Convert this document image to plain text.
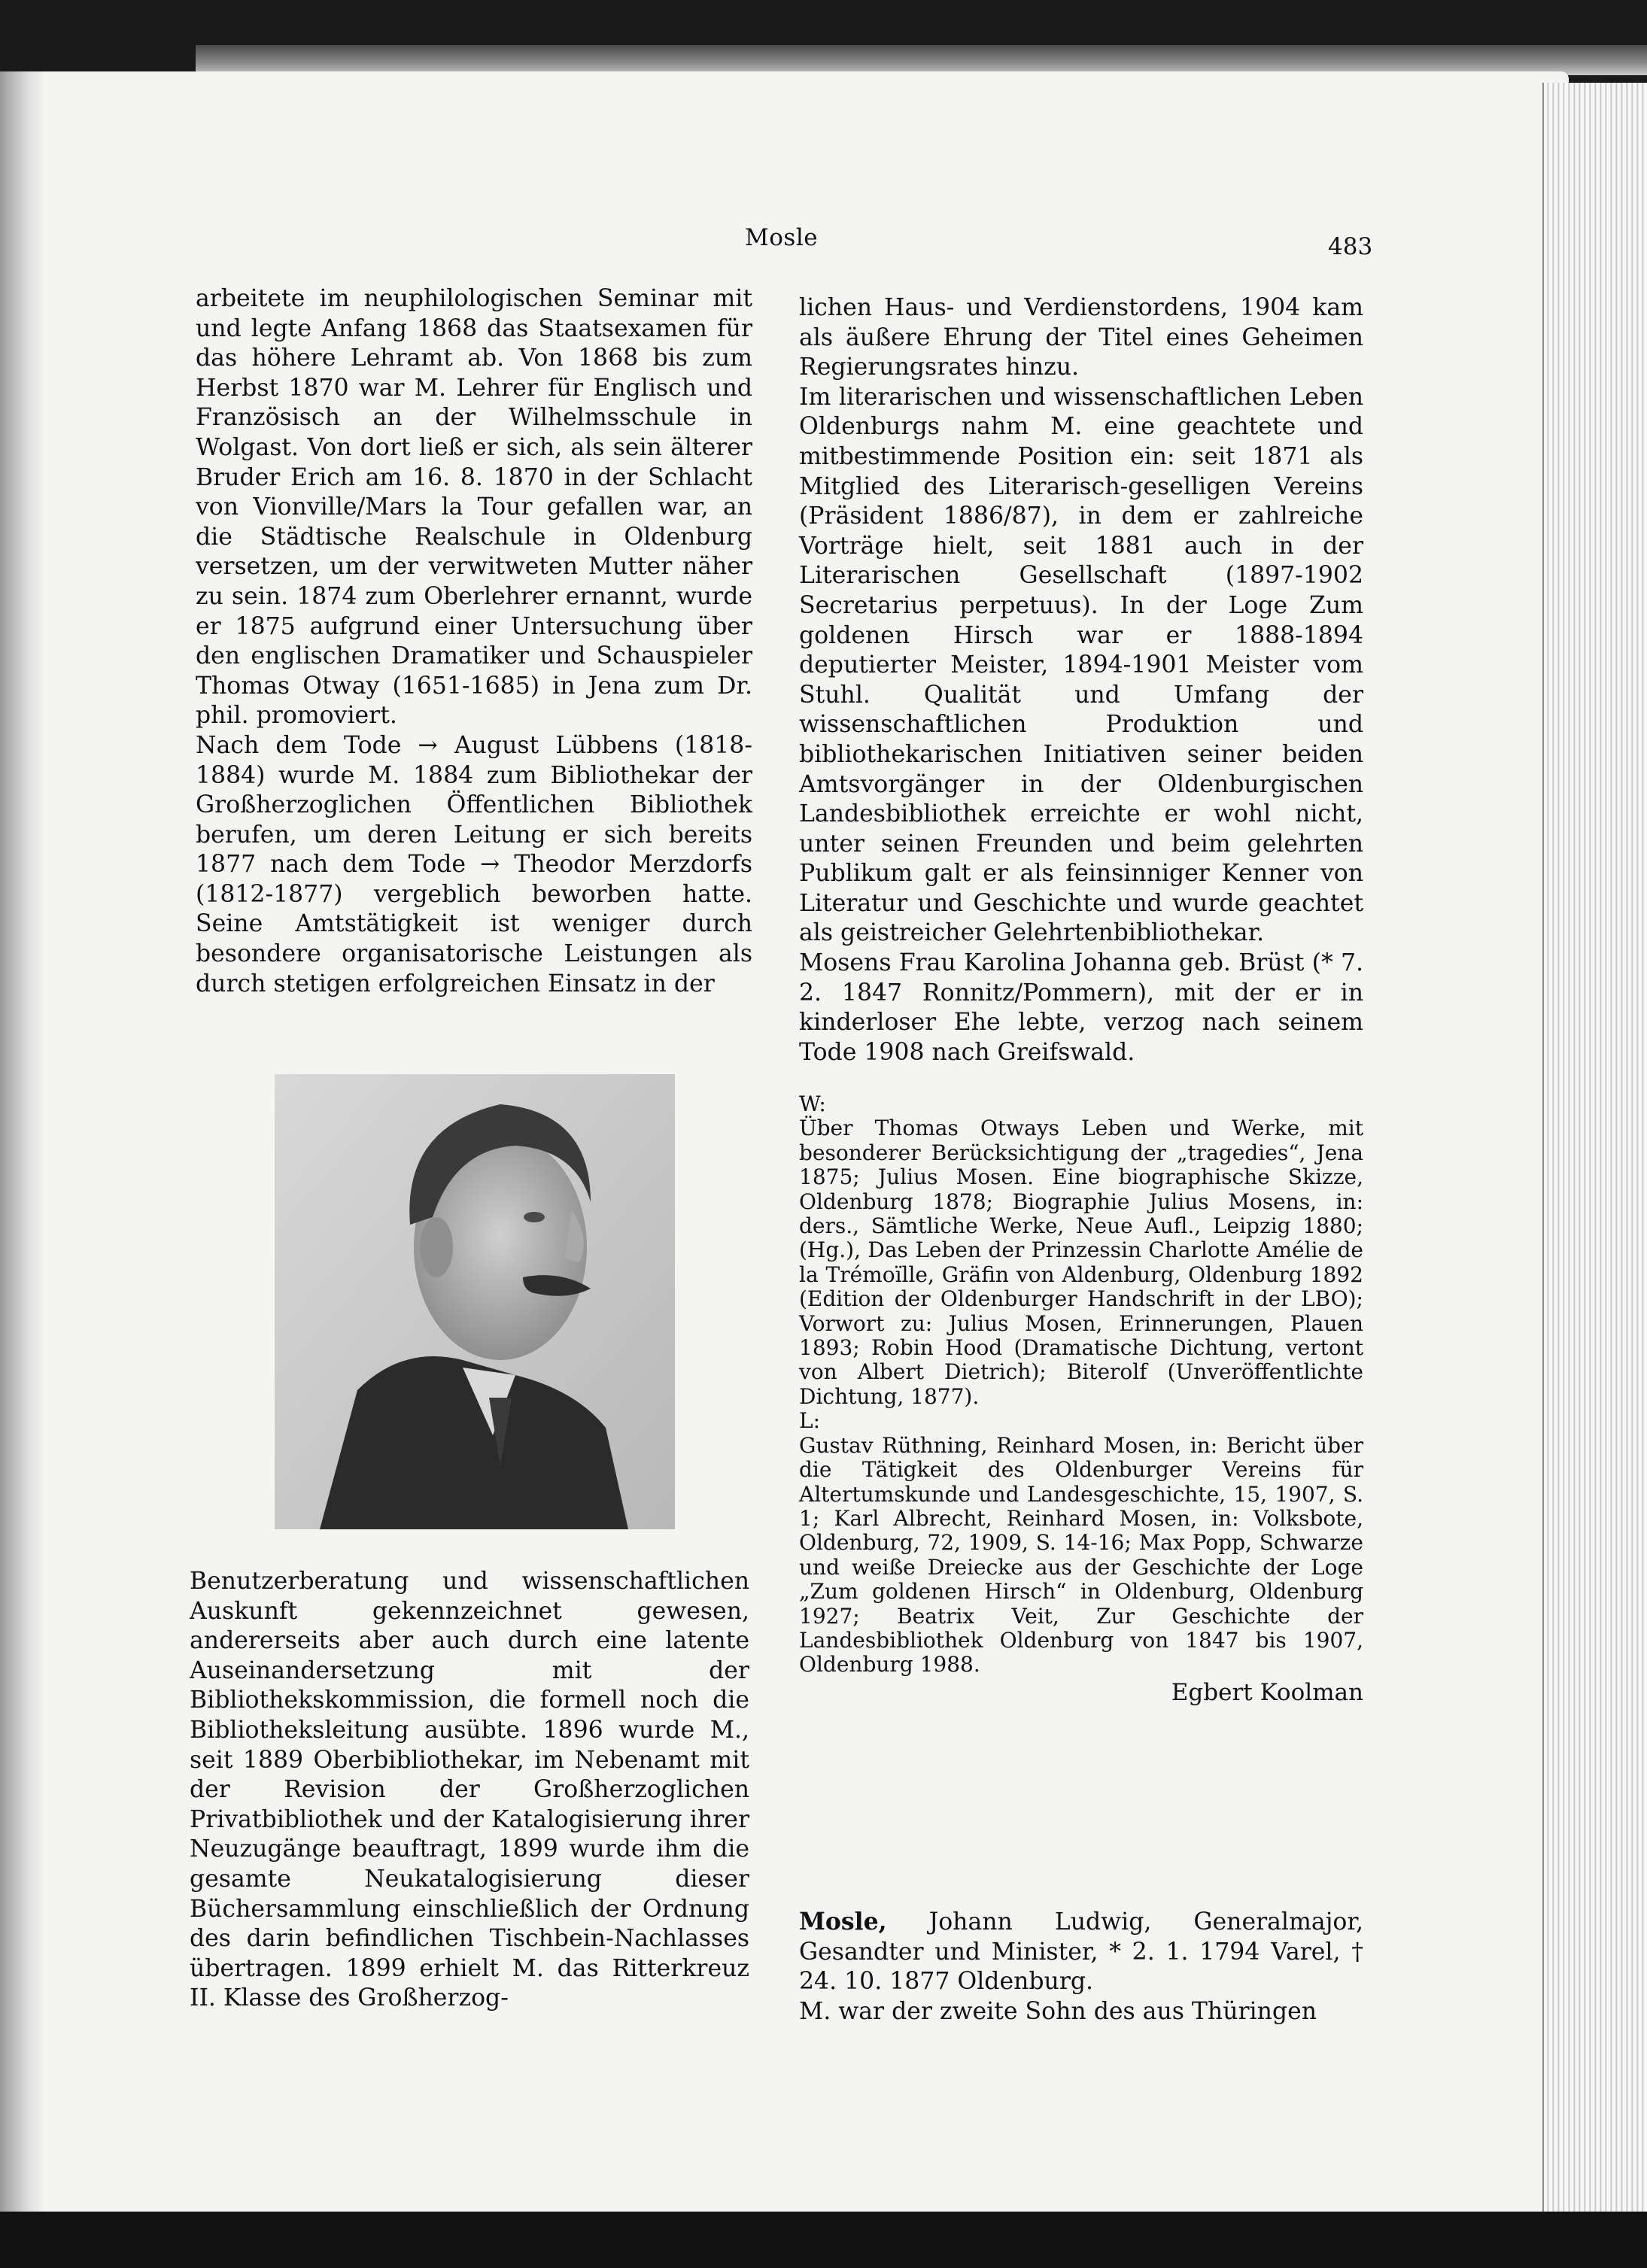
Mosle	483

arbeitete im neuphilologischen Seminar mit und legte Anfang 1868 das Staatsexamen für das höhere Lehramt ab. Von 1868 bis zum Herbst 1870 war M. Lehrer für Englisch und Französisch an der Wilhelmsschule in Wolgast. Von dort ließ er sich, als sein älterer Bruder Erich am 16. 8. 1870 in der Schlacht von Vionville/Mars la Tour gefallen war, an die Städtische Realschule in Oldenburg versetzen, um der verwitweten Mutter näher zu sein. 1874 zum Oberlehrer ernannt, wurde er 1875 aufgrund einer Untersuchung über den englischen Dramatiker und Schauspieler Thomas Otway (1651-1685) in Jena zum Dr. phil. promoviert.

Nach dem Tode → August Lübbens (1818-1884) wurde M. 1884 zum Bibliothekar der Großherzoglichen Öffentlichen Bibliothek berufen, um deren Leitung er sich bereits 1877 nach dem Tode → Theodor Merzdorfs (1812-1877) vergeblich beworben hatte. Seine Amtstätigkeit ist weniger durch besondere organisatorische Leistungen als durch stetigen erfolgreichen Einsatz in der

Benutzerberatung und wissenschaftlichen Auskunft gekennzeichnet gewesen, andererseits aber auch durch eine latente Auseinandersetzung mit der Bibliothekskommission, die formell noch die Bibliotheksleitung ausübte. 1896 wurde M., seit 1889 Oberbibliothekar, im Nebenamt mit der Revision der Großherzoglichen Privatbibliothek und der Katalogisierung ihrer Neuzugänge beauftragt, 1899 wurde ihm die gesamte Neukatalogisierung dieser Büchersammlung einschließlich der Ordnung des darin befindlichen Tischbein-Nachlasses übertragen. 1899 erhielt M. das Ritterkreuz II. Klasse des Großherzog-

lichen Haus- und Verdienstordens, 1904 kam als äußere Ehrung der Titel eines Geheimen Regierungsrates hinzu.

Im literarischen und wissenschaftlichen Leben Oldenburgs nahm M. eine geachtete und mitbestimmende Position ein: seit 1871 als Mitglied des Literarisch-geselligen Vereins (Präsident 1886/87), in dem er zahlreiche Vorträge hielt, seit 1881 auch in der Literarischen Gesellschaft (1897-1902 Secretarius perpetuus). In der Loge Zum goldenen Hirsch war er 1888-1894 deputierter Meister, 1894-1901 Meister vom Stuhl. Qualität und Umfang der wissenschaftlichen Produktion und bibliothekarischen Initiativen seiner beiden Amtsvorgänger in der Oldenburgischen Landesbibliothek erreichte er wohl nicht, unter seinen Freunden und beim gelehrten Publikum galt er als feinsinniger Kenner von Literatur und Geschichte und wurde geachtet als geistreicher Gelehrtenbibliothekar.

Mosens Frau Karolina Johanna geb. Brüst (* 7. 2. 1847 Ronnitz/Pommern), mit der er in kinderloser Ehe lebte, verzog nach seinem Tode 1908 nach Greifswald.

W:

Über Thomas Otways Leben und Werke, mit besonderer Berücksichtigung der „tragedies“, Jena 1875; Julius Mosen. Eine biographische Skizze, Oldenburg 1878; Biographie Julius Mosens, in: ders., Sämtliche Werke, Neue Aufl., Leipzig 1880; (Hg.), Das Leben der Prinzessin Charlotte Amélie de la Trémoïlle, Gräfin von Aldenburg, Oldenburg 1892 (Edition der Oldenburger Handschrift in der LBO); Vorwort zu: Julius Mosen, Erinnerungen, Plauen 1893; Robin Hood (Dramatische Dichtung, vertont von Albert Dietrich); Biterolf (Unveröffentlichte Dichtung, 1877).

L:

Gustav Rüthning, Reinhard Mosen, in: Bericht über die Tätigkeit des Oldenburger Vereins für Altertumskunde und Landesgeschichte, 15, 1907, S. 1; Karl Albrecht, Reinhard Mosen, in: Volksbote, Oldenburg, 72, 1909, S. 14-16; Max Popp, Schwarze und weiße Dreiecke aus der Geschichte der Loge „Zum goldenen Hirsch“ in Oldenburg, Oldenburg 1927; Beatrix Veit, Zur Geschichte der Landesbibliothek Oldenburg von 1847 bis 1907, Oldenburg 1988.

Egbert Koolman

Mosle, Johann Ludwig, Generalmajor, Gesandter und Minister, * 2. 1. 1794 Varel, † 24. 10. 1877 Oldenburg.

M. war der zweite Sohn des aus Thüringen
